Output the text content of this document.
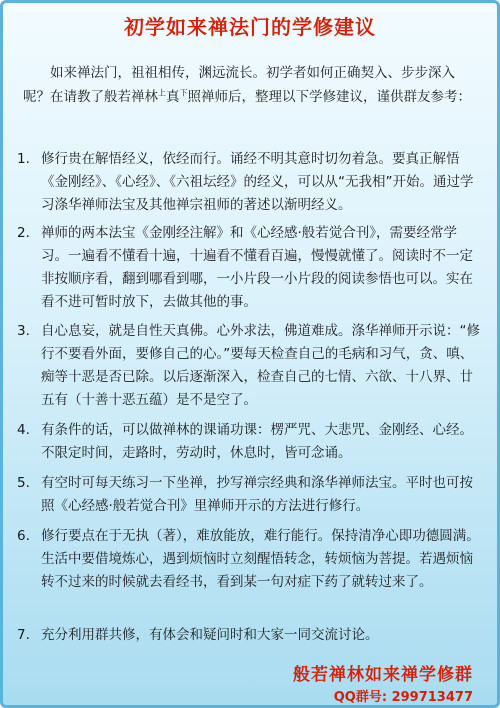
初学如来禅法门的学修建议
如来禅法门，祖祖相传，渊远流长。初学者如何正确契入、步步深入呢？在请教了般若禅林$^上$真$^下$照禅师后，整理以下学修建议，谨供群友参考：
1. 修行贵在解悟经义，依经而行。诵经不明其意时切勿着急。要真正解悟《金刚经》、《心经》、《六祖坛经》的经义，可以从“无我相”开始。通过学习涤华禅师法宝及其他禅宗祖师的著述以渐明经义。
2. 禅师的两本法宝《金刚经注解》和《心经感·般若觉合刊》，需要经常学习。一遍看不懂看十遍，十遍看不懂看百遍，慢慢就懂了。阅读时不一定非按顺序看，翻到哪看到哪，一小片段一小片段的阅读参悟也可以。实在看不进可暂时放下，去做其他的事。
3. 自心息妄，就是自性天真佛。心外求法，佛道难成。涤华禅师开示说：“修行不要看外面，要修自己的心。”要每天检查自己的毛病和习气，贪、嗔、痴等十恶是否已除。以后逐渐深入，检查自己的七情、六欲、十八界、廿五有（十善十恶五蕴）是不是空了。
4. 有条件的话，可以做禅林的课诵功课：楞严咒、大悲咒、金刚经、心经。不限定时间，走路时，劳动时，休息时，皆可念诵。
5. 有空时可每天练习一下坐禅，抄写禅宗经典和涤华禅师法宝。平时也可按照《心经感·般若觉合刊》里禅师开示的方法进行修行。
6. 修行要点在于无执（著），难放能放，难行能行。保持清净心即功德圆满。生活中要借境炼心，遇到烦恼时立刻醒悟转念，转烦恼为菩提。若遇烦恼转不过来的时候就去看经书，看到某一句对症下药了就转过来了。
7. 充分利用群共修，有体会和疑问时和大家一同交流讨论。
般若禅林如来禅学修群
QQ群号: 299713477
